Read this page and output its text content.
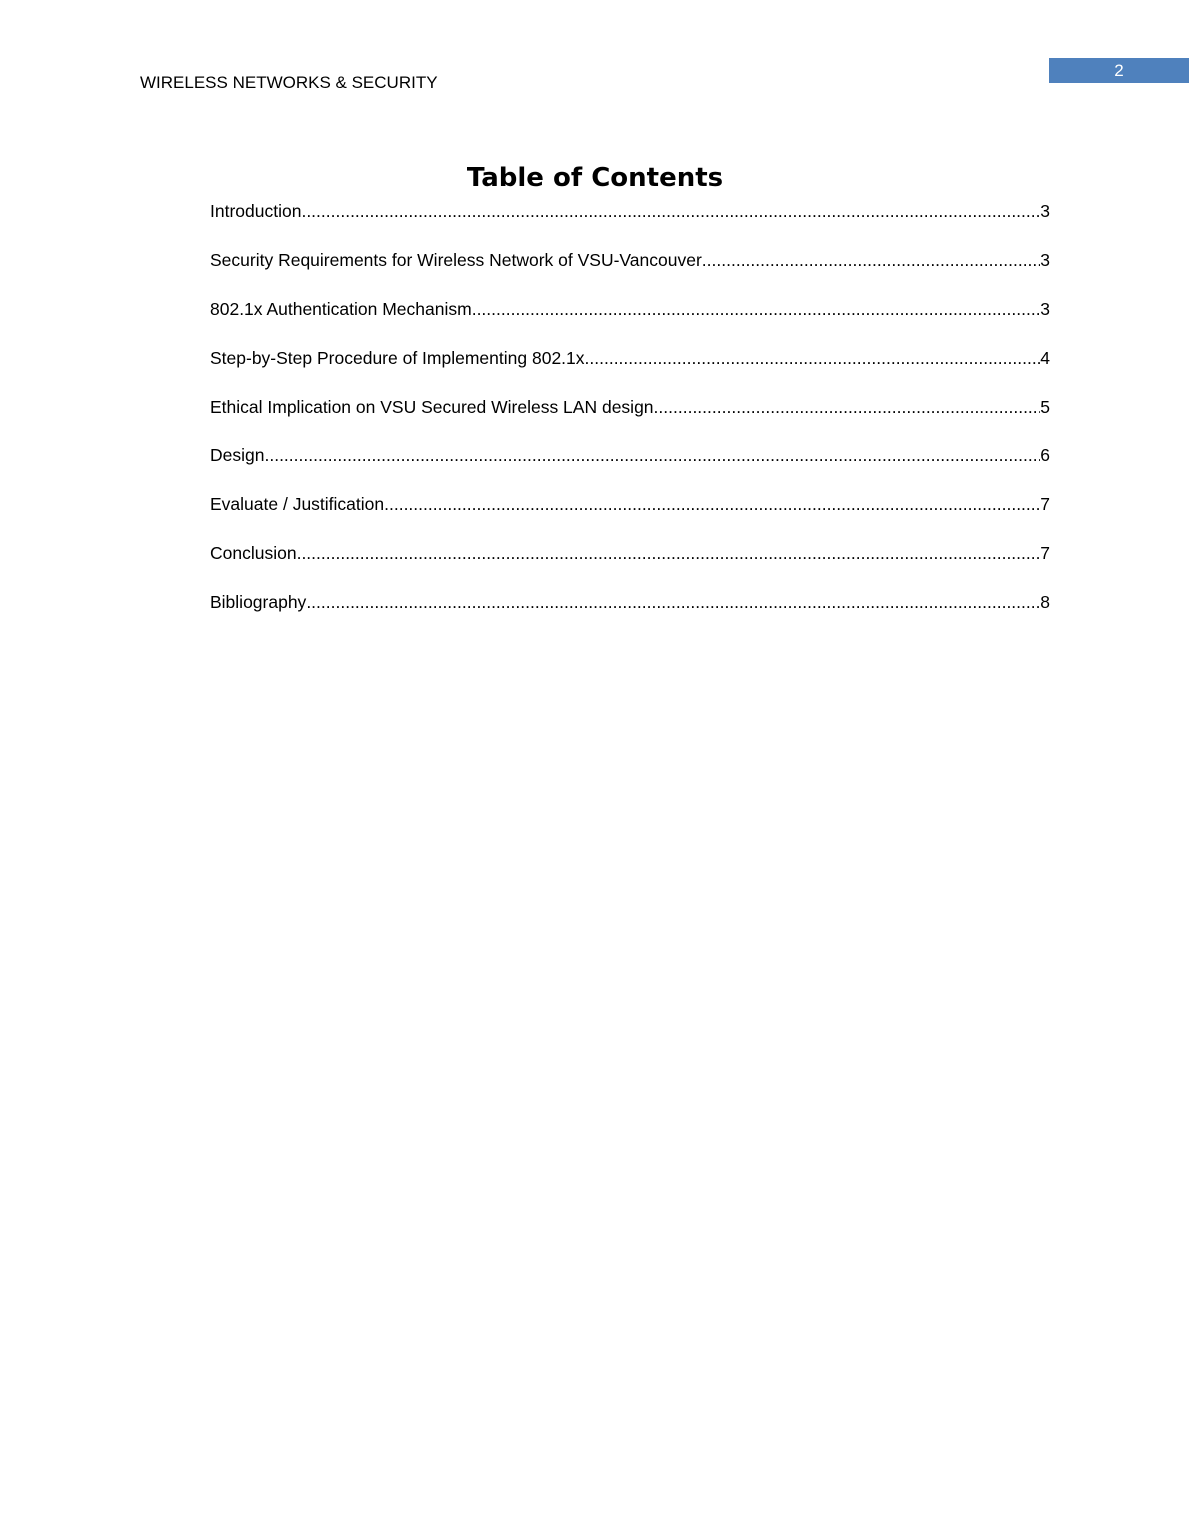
2
WIRELESS NETWORKS & SECURITY
Table of Contents
Introduction .....	3
Security Requirements for Wireless Network of VSU-Vancouver .....	3
802.1x Authentication Mechanism .....	3
Step-by-Step Procedure of Implementing 802.1x .....	4
Ethical Implication on VSU Secured Wireless LAN design .....	5
Design .....	6
Evaluate / Justification .....	7
Conclusion .....	7
Bibliography .....	8
